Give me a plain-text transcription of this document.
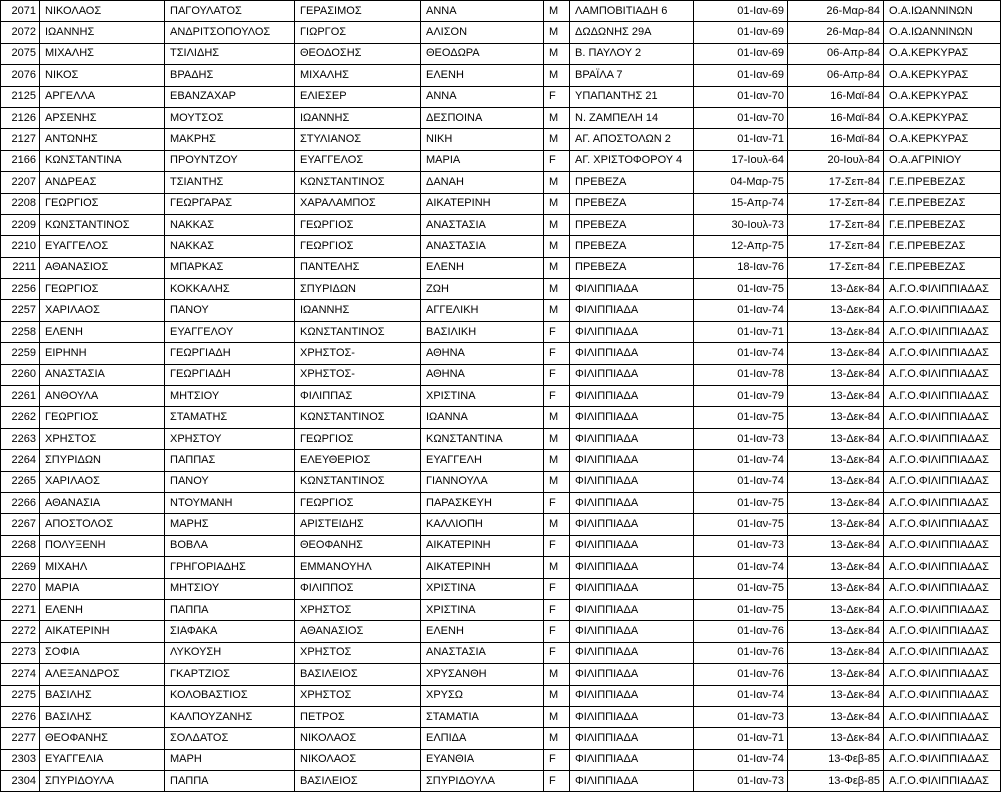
2071	ΝΙΚΟΛΑΟΣ	ΠΑΓΟΥΛΑΤΟΣ	ΓΕΡΑΣΙΜΟΣ	ΑΝΝΑ	Μ	ΛΑΜΠΟΒΙΤΙΑΔΗ 6	01-Ιαν-69	26-Μαρ-84	Ο.Α.ΙΩΑΝΝΙΝΩΝ
2072	ΙΩΑΝΝΗΣ	ΑΝΔΡΙΤΣΟΠΟΥΛΟΣ	ΓΙΩΡΓΟΣ	ΑΛΙΣΟΝ	Μ	ΔΩΔΩΝΗΣ 29Α	01-Ιαν-69	26-Μαρ-84	Ο.Α.ΙΩΑΝΝΙΝΩΝ
2075	ΜΙΧΑΛΗΣ	ΤΣΙΛΙΔΗΣ	ΘΕΟΔΟΣΗΣ	ΘΕΟΔΩΡΑ	Μ	Β. ΠΑΥΛΟΥ 2	01-Ιαν-69	06-Απρ-84	Ο.Α.ΚΕΡΚΥΡΑΣ
2076	ΝΙΚΟΣ	ΒΡΑΔΗΣ	ΜΙΧΑΛΗΣ	ΕΛΕΝΗ	Μ	ΒΡΑΪΛΑ 7	01-Ιαν-69	06-Απρ-84	Ο.Α.ΚΕΡΚΥΡΑΣ
2125	ΑΡΓΕΛΛΑ	ΕΒΑΝΖΑΧΑΡ	ΕΛΙΕΣΕΡ	ΑΝΝΑ	F	ΥΠΑΠΑΝΤΗΣ 21	01-Ιαν-70	16-Μαϊ-84	Ο.Α.ΚΕΡΚΥΡΑΣ
2126	ΑΡΣΕΝΗΣ	ΜΟΥΤΣΟΣ	ΙΩΑΝΝΗΣ	ΔΕΣΠΟΙΝΑ	Μ	Ν. ΖΑΜΠΕΛΗ 14	01-Ιαν-70	16-Μαϊ-84	Ο.Α.ΚΕΡΚΥΡΑΣ
2127	ΑΝΤΩΝΗΣ	ΜΑΚΡΗΣ	ΣΤΥΛΙΑΝΟΣ	ΝΙΚΗ	Μ	ΑΓ. ΑΠΟΣΤΟΛΩΝ 2	01-Ιαν-71	16-Μαϊ-84	Ο.Α.ΚΕΡΚΥΡΑΣ
2166	ΚΩΝΣΤΑΝΤΙΝΑ	ΠΡΟΥΝΤΖΟΥ	ΕΥΑΓΓΕΛΟΣ	ΜΑΡΙΑ	F	ΑΓ. ΧΡΙΣΤΟΦΟΡΟΥ 4	17-Ιουλ-64	20-Ιουλ-84	Ο.Α.ΑΓΡΙΝΙΟΥ
2207	ΑΝΔΡΕΑΣ	ΤΣΙΑΝΤΗΣ	ΚΩΝΣΤΑΝΤΙΝΟΣ	ΔΑΝΑΗ	Μ	ΠΡΕΒΕΖΑ	04-Μαρ-75	17-Σεπ-84	Γ.Ε.ΠΡΕΒΕΖΑΣ
2208	ΓΕΩΡΓΙΟΣ	ΓΕΩΡΓΑΡΑΣ	ΧΑΡΑΛΑΜΠΟΣ	ΑΙΚΑΤΕΡΙΝΗ	Μ	ΠΡΕΒΕΖΑ	15-Απρ-74	17-Σεπ-84	Γ.Ε.ΠΡΕΒΕΖΑΣ
2209	ΚΩΝΣΤΑΝΤΙΝΟΣ	ΝΑΚΚΑΣ	ΓΕΩΡΓΙΟΣ	ΑΝΑΣΤΑΣΙΑ	Μ	ΠΡΕΒΕΖΑ	30-Ιουλ-73	17-Σεπ-84	Γ.Ε.ΠΡΕΒΕΖΑΣ
2210	ΕΥΑΓΓΕΛΟΣ	ΝΑΚΚΑΣ	ΓΕΩΡΓΙΟΣ	ΑΝΑΣΤΑΣΙΑ	Μ	ΠΡΕΒΕΖΑ	12-Απρ-75	17-Σεπ-84	Γ.Ε.ΠΡΕΒΕΖΑΣ
2211	ΑΘΑΝΑΣΙΟΣ	ΜΠΑΡΚΑΣ	ΠΑΝΤΕΛΗΣ	ΕΛΕΝΗ	Μ	ΠΡΕΒΕΖΑ	18-Ιαν-76	17-Σεπ-84	Γ.Ε.ΠΡΕΒΕΖΑΣ
2256	ΓΕΩΡΓΙΟΣ	ΚΟΚΚΑΛΗΣ	ΣΠΥΡΙΔΩΝ	ΖΩΗ	Μ	ΦΙΛΙΠΠΙΑΔΑ	01-Ιαν-75	13-Δεκ-84	Α.Γ.Ο.ΦΙΛΙΠΠΙΑΔΑΣ
2257	ΧΑΡΙΛΑΟΣ	ΠΑΝΟΥ	ΙΩΑΝΝΗΣ	ΑΓΓΕΛΙΚΗ	Μ	ΦΙΛΙΠΠΙΑΔΑ	01-Ιαν-74	13-Δεκ-84	Α.Γ.Ο.ΦΙΛΙΠΠΙΑΔΑΣ
2258	ΕΛΕΝΗ	ΕΥΑΓΓΕΛΟΥ	ΚΩΝΣΤΑΝΤΙΝΟΣ	ΒΑΣΙΛΙΚΗ	F	ΦΙΛΙΠΠΙΑΔΑ	01-Ιαν-71	13-Δεκ-84	Α.Γ.Ο.ΦΙΛΙΠΠΙΑΔΑΣ
2259	ΕΙΡΗΝΗ	ΓΕΩΡΓΙΑΔΗ	ΧΡΗΣΤΟΣ-	ΑΘΗΝΑ	F	ΦΙΛΙΠΠΙΑΔΑ	01-Ιαν-74	13-Δεκ-84	Α.Γ.Ο.ΦΙΛΙΠΠΙΑΔΑΣ
2260	ΑΝΑΣΤΑΣΙΑ	ΓΕΩΡΓΙΑΔΗ	ΧΡΗΣΤΟΣ-	ΑΘΗΝΑ	F	ΦΙΛΙΠΠΙΑΔΑ	01-Ιαν-78	13-Δεκ-84	Α.Γ.Ο.ΦΙΛΙΠΠΙΑΔΑΣ
2261	ΑΝΘΟΥΛΑ	ΜΗΤΣΙΟΥ	ΦΙΛΙΠΠΑΣ	ΧΡΙΣΤΙΝΑ	F	ΦΙΛΙΠΠΙΑΔΑ	01-Ιαν-79	13-Δεκ-84	Α.Γ.Ο.ΦΙΛΙΠΠΙΑΔΑΣ
2262	ΓΕΩΡΓΙΟΣ	ΣΤΑΜΑΤΗΣ	ΚΩΝΣΤΑΝΤΙΝΟΣ	ΙΩΑΝΝΑ	Μ	ΦΙΛΙΠΠΙΑΔΑ	01-Ιαν-75	13-Δεκ-84	Α.Γ.Ο.ΦΙΛΙΠΠΙΑΔΑΣ
2263	ΧΡΗΣΤΟΣ	ΧΡΗΣΤΟΥ	ΓΕΩΡΓΙΟΣ	ΚΩΝΣΤΑΝΤΙΝΑ	Μ	ΦΙΛΙΠΠΙΑΔΑ	01-Ιαν-73	13-Δεκ-84	Α.Γ.Ο.ΦΙΛΙΠΠΙΑΔΑΣ
2264	ΣΠΥΡΙΔΩΝ	ΠΑΠΠΑΣ	ΕΛΕΥΘΕΡΙΟΣ	ΕΥΑΓΓΕΛΗ	Μ	ΦΙΛΙΠΠΙΑΔΑ	01-Ιαν-74	13-Δεκ-84	Α.Γ.Ο.ΦΙΛΙΠΠΙΑΔΑΣ
2265	ΧΑΡΙΛΑΟΣ	ΠΑΝΟΥ	ΚΩΝΣΤΑΝΤΙΝΟΣ	ΓΙΑΝΝΟΥΛΑ	Μ	ΦΙΛΙΠΠΙΑΔΑ	01-Ιαν-74	13-Δεκ-84	Α.Γ.Ο.ΦΙΛΙΠΠΙΑΔΑΣ
2266	ΑΘΑΝΑΣΙΑ	ΝΤΟΥΜΑΝΗ	ΓΕΩΡΓΙΟΣ	ΠΑΡΑΣΚΕΥΗ	F	ΦΙΛΙΠΠΙΑΔΑ	01-Ιαν-75	13-Δεκ-84	Α.Γ.Ο.ΦΙΛΙΠΠΙΑΔΑΣ
2267	ΑΠΟΣΤΟΛΟΣ	ΜΑΡΗΣ	ΑΡΙΣΤΕΙΔΗΣ	ΚΑΛΛΙΟΠΗ	Μ	ΦΙΛΙΠΠΙΑΔΑ	01-Ιαν-75	13-Δεκ-84	Α.Γ.Ο.ΦΙΛΙΠΠΙΑΔΑΣ
2268	ΠΟΛΥΞΕΝΗ	ΒΟΒΛΑ	ΘΕΟΦΑΝΗΣ	ΑΙΚΑΤΕΡΙΝΗ	F	ΦΙΛΙΠΠΙΑΔΑ	01-Ιαν-73	13-Δεκ-84	Α.Γ.Ο.ΦΙΛΙΠΠΙΑΔΑΣ
2269	ΜΙΧΑΗΛ	ΓΡΗΓΟΡΙΑΔΗΣ	ΕΜΜΑΝΟΥΗΛ	ΑΙΚΑΤΕΡΙΝΗ	Μ	ΦΙΛΙΠΠΙΑΔΑ	01-Ιαν-74	13-Δεκ-84	Α.Γ.Ο.ΦΙΛΙΠΠΙΑΔΑΣ
2270	ΜΑΡΙΑ	ΜΗΤΣΙΟΥ	ΦΙΛΙΠΠΟΣ	ΧΡΙΣΤΙΝΑ	F	ΦΙΛΙΠΠΙΑΔΑ	01-Ιαν-75	13-Δεκ-84	Α.Γ.Ο.ΦΙΛΙΠΠΙΑΔΑΣ
2271	ΕΛΕΝΗ	ΠΑΠΠΑ	ΧΡΗΣΤΟΣ	ΧΡΙΣΤΙΝΑ	F	ΦΙΛΙΠΠΙΑΔΑ	01-Ιαν-75	13-Δεκ-84	Α.Γ.Ο.ΦΙΛΙΠΠΙΑΔΑΣ
2272	ΑΙΚΑΤΕΡΙΝΗ	ΣΙΑΦΑΚΑ	ΑΘΑΝΑΣΙΟΣ	ΕΛΕΝΗ	F	ΦΙΛΙΠΠΙΑΔΑ	01-Ιαν-76	13-Δεκ-84	Α.Γ.Ο.ΦΙΛΙΠΠΙΑΔΑΣ
2273	ΣΟΦΙΑ	ΛΥΚΟΥΣΗ	ΧΡΗΣΤΟΣ	ΑΝΑΣΤΑΣΙΑ	F	ΦΙΛΙΠΠΙΑΔΑ	01-Ιαν-76	13-Δεκ-84	Α.Γ.Ο.ΦΙΛΙΠΠΙΑΔΑΣ
2274	ΑΛΕΞΑΝΔΡΟΣ	ΓΚΑΡΤΖΙΟΣ	ΒΑΣΙΛΕΙΟΣ	ΧΡΥΣΑΝΘΗ	Μ	ΦΙΛΙΠΠΙΑΔΑ	01-Ιαν-76	13-Δεκ-84	Α.Γ.Ο.ΦΙΛΙΠΠΙΑΔΑΣ
2275	ΒΑΣΙΛΗΣ	ΚΟΛΟΒΑΣΤΙΟΣ	ΧΡΗΣΤΟΣ	ΧΡΥΣΩ	Μ	ΦΙΛΙΠΠΙΑΔΑ	01-Ιαν-74	13-Δεκ-84	Α.Γ.Ο.ΦΙΛΙΠΠΙΑΔΑΣ
2276	ΒΑΣΙΛΗΣ	ΚΑΛΠΟΥΖΑΝΗΣ	ΠΕΤΡΟΣ	ΣΤΑΜΑΤΙΑ	Μ	ΦΙΛΙΠΠΙΑΔΑ	01-Ιαν-73	13-Δεκ-84	Α.Γ.Ο.ΦΙΛΙΠΠΙΑΔΑΣ
2277	ΘΕΟΦΑΝΗΣ	ΣΟΛΔΑΤΟΣ	ΝΙΚΟΛΑΟΣ	ΕΛΠΙΔΑ	Μ	ΦΙΛΙΠΠΙΑΔΑ	01-Ιαν-71	13-Δεκ-84	Α.Γ.Ο.ΦΙΛΙΠΠΙΑΔΑΣ
2303	ΕΥΑΓΓΕΛΙΑ	ΜΑΡΗ	ΝΙΚΟΛΑΟΣ	ΕΥΑΝΘΙΑ	F	ΦΙΛΙΠΠΙΑΔΑ	01-Ιαν-74	13-Φεβ-85	Α.Γ.Ο.ΦΙΛΙΠΠΙΑΔΑΣ
2304	ΣΠΥΡΙΔΟΥΛΑ	ΠΑΠΠΑ	ΒΑΣΙΛΕΙΟΣ	ΣΠΥΡΙΔΟΥΛΑ	F	ΦΙΛΙΠΠΙΑΔΑ	01-Ιαν-73	13-Φεβ-85	Α.Γ.Ο.ΦΙΛΙΠΠΙΑΔΑΣ
